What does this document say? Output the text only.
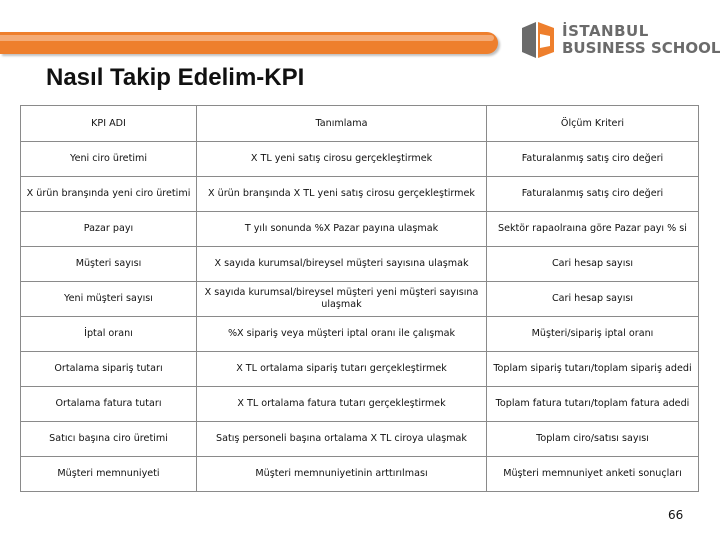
İSTANBUL
BUSINESS SCHOOL
Nasıl Takip Edelim-KPI
KPI ADI	Tanımlama	Ölçüm Kriteri
Yeni ciro üretimi	X TL yeni satış cirosu gerçekleştirmek	Faturalanmış satış ciro değeri
X ürün branşında yeni ciro üretimi	X ürün branşında X TL yeni satış cirosu gerçekleştirmek	Faturalanmış satış ciro değeri
Pazar payı	T yılı sonunda %X Pazar payına ulaşmak	Sektör rapaolraına göre Pazar payı % si
Müşteri sayısı	X sayıda kurumsal/bireysel müşteri sayısına ulaşmak	Cari hesap sayısı
Yeni müşteri sayısı	X sayıda kurumsal/bireysel müşteri yeni müşteri sayısına ulaşmak	Cari hesap sayısı
İptal oranı	%X sipariş veya müşteri iptal oranı ile çalışmak	Müşteri/sipariş iptal oranı
Ortalama sipariş tutarı	X TL ortalama sipariş tutarı gerçekleştirmek	Toplam sipariş tutarı/toplam sipariş adedi
Ortalama fatura tutarı	X TL ortalama fatura tutarı gerçekleştirmek	Toplam fatura tutarı/toplam fatura adedi
Satıcı başına ciro üretimi	Satış personeli başına ortalama X TL ciroya ulaşmak	Toplam ciro/satısı sayısı
Müşteri memnuniyeti	Müşteri memnuniyetinin arttırılması	Müşteri memnuniyet anketi sonuçları
66
